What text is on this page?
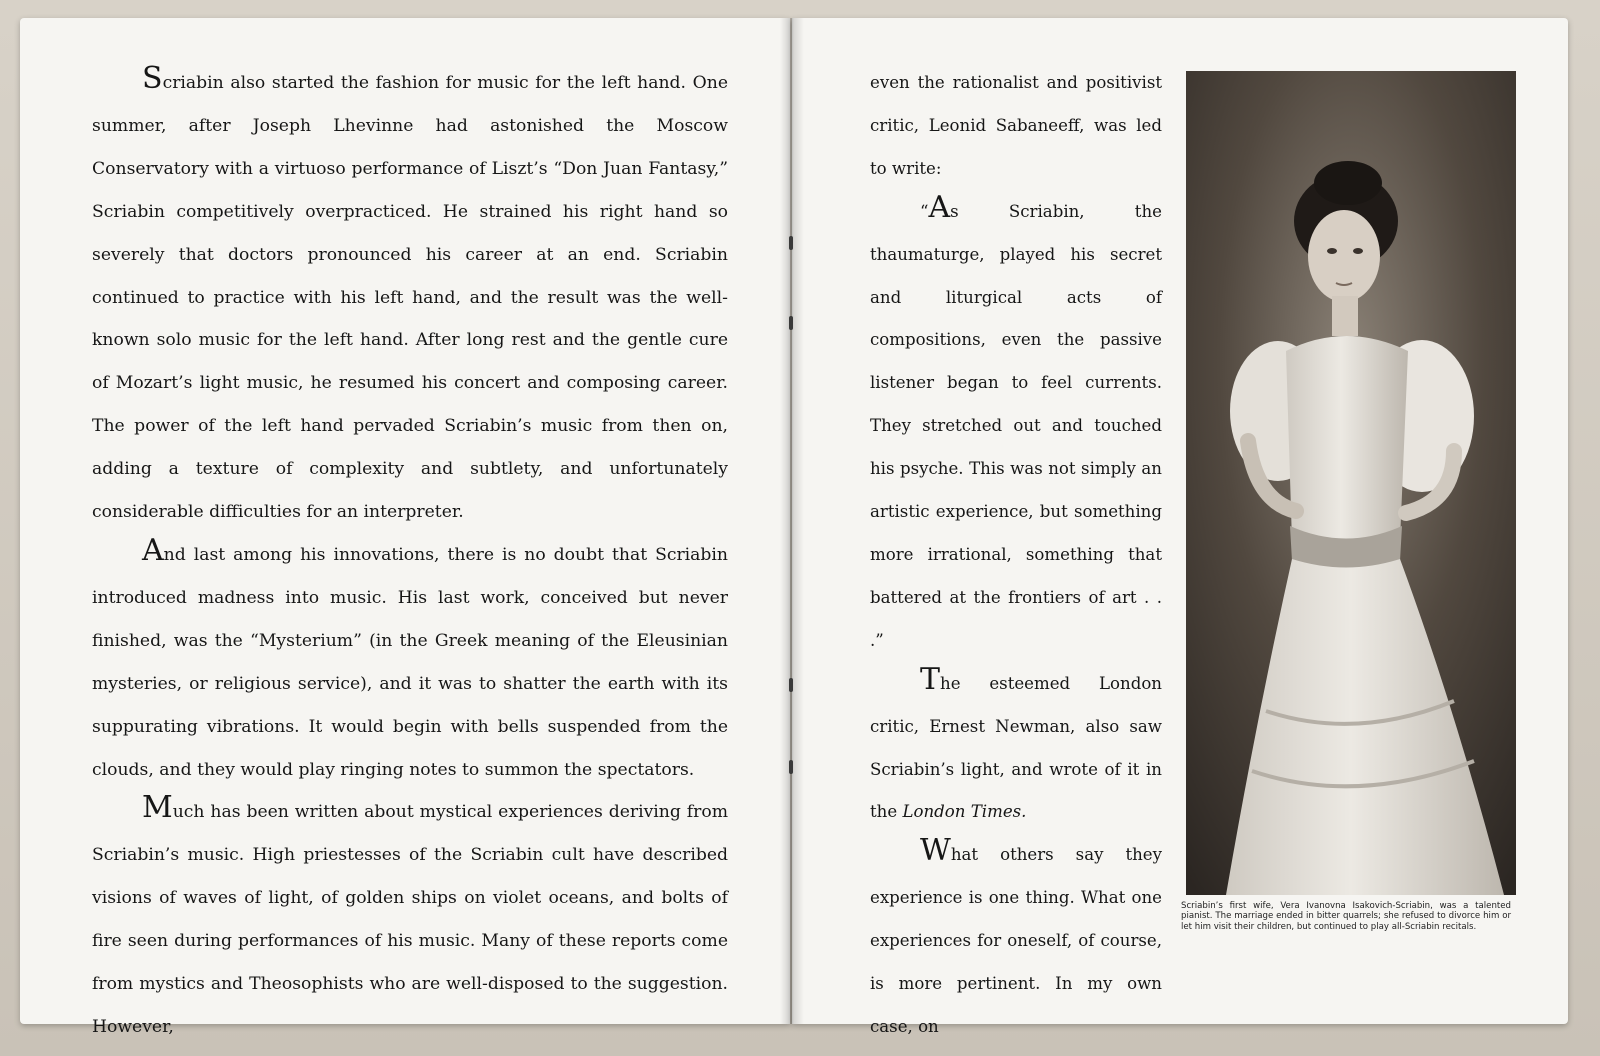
Scriabin also started the fashion for music for the left hand. One summer, after Joseph Lhevinne had astonished the Moscow Conservatory with a virtuoso performance of Liszt’s “Don Juan Fantasy,” Scriabin competitively overpracticed. He strained his right hand so severely that doctors pronounced his career at an end. Scriabin continued to practice with his left hand, and the result was the well-known solo music for the left hand. After long rest and the gentle cure of Mozart’s light music, he resumed his concert and composing career. The power of the left hand pervaded Scriabin’s music from then on, adding a texture of complexity and subtlety, and unfortunately considerable difficulties for an interpreter.

And last among his innovations, there is no doubt that Scriabin introduced madness into music. His last work, conceived but never finished, was the “Mysterium” (in the Greek meaning of the Eleusinian mysteries, or religious service), and it was to shatter the earth with its suppurating vibrations. It would begin with bells suspended from the clouds, and they would play ringing notes to summon the spectators.

Much has been written about mystical experiences deriving from Scriabin’s music. High priestesses of the Scriabin cult have described visions of waves of light, of golden ships on violet oceans, and bolts of fire seen during performances of his music. Many of these reports come from mystics and Theosophists who are well-disposed to the suggestion. However,

even the rationalist and positivist critic, Leonid Sabaneeff, was led to write:

“As Scriabin, the thaumaturge, played his secret and liturgical acts of compositions, even the passive listener began to feel currents. They stretched out and touched his psyche. This was not simply an artistic experience, but something more irrational, something that battered at the frontiers of art . . .”

The esteemed London critic, Ernest Newman, also saw Scriabin’s light, and wrote of it in the London Times.

What others say they experience is one thing. What one experiences for oneself, of course, is more pertinent. In my own case, on

Scriabin’s first wife, Vera Ivanovna Isakovich-Scriabin, was a talented pianist. The marriage ended in bitter quarrels; she refused to divorce him or let him visit their children, but continued to play all-Scriabin recitals.
